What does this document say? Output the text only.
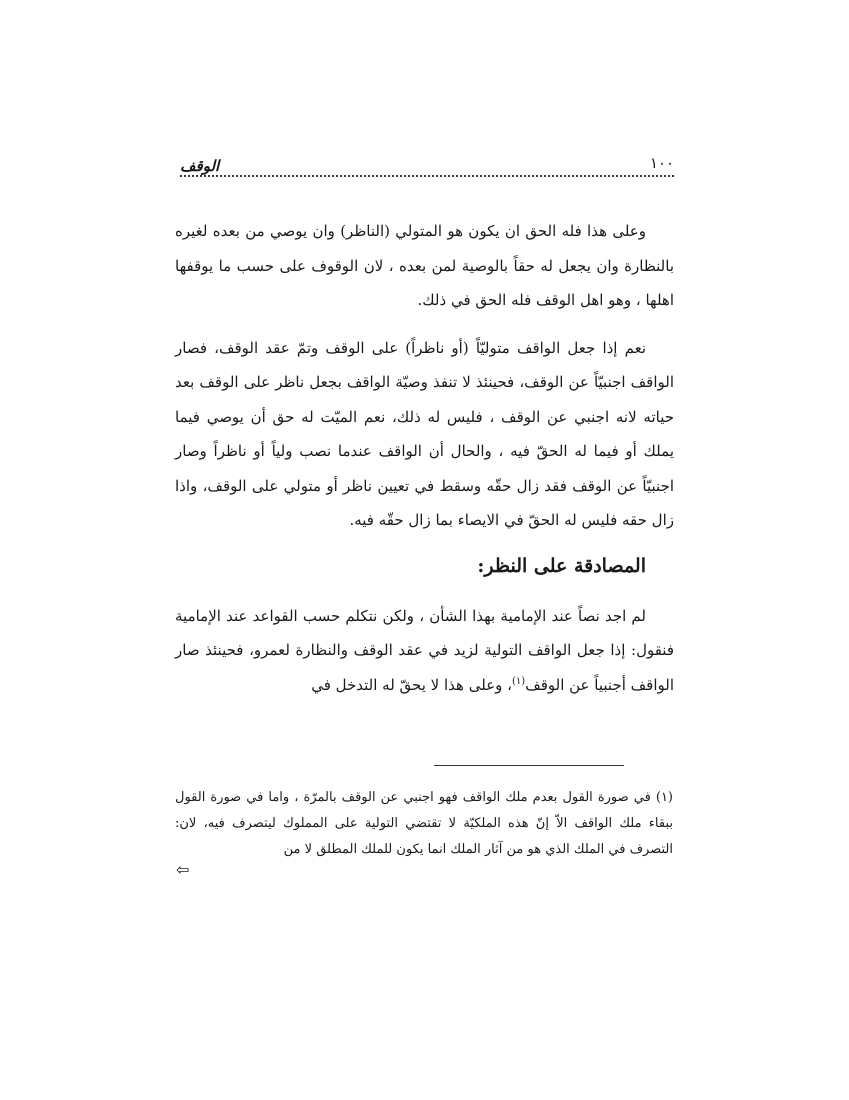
١٠٠
الوقف

وعلى هذا فله الحق ان يكون هو المتولي (الناظر) وان يوصي من بعده لغيره بالنظارة وان يجعل له حقاً بالوصية لمن بعده ، لان الوقوف على حسب ما يوقفها اهلها ، وهو اهل الوقف فله الحق في ذلك.

نعم إذا جعل الواقف متوليّاً (أو ناظراً) على الوقف وتمّ عقد الوقف، فصار الواقف اجنبيّاً عن الوقف، فحينئذ لا تنفذ وصيّة الواقف بجعل ناظر على الوقف بعد حياته لانه اجنبي عن الوقف ، فليس له ذلك، نعم الميّت له حق أن يوصي فيما يملك أو فيما له الحقّ فيه ، والحال أن الواقف عندما نصب ولياً أو ناظراً وصار اجنبيّاً عن الوقف فقد زال حقّه وسقط في تعيين ناظر أو متولي على الوقف، واذا زال حقه فليس له الحقّ في الايصاء بما زال حقّه فيه.

المصادقة على النظر:

لم اجد نصاً عند الإمامية بهذا الشأن ، ولكن نتكلم حسب القواعد عند الإمامية فنقول: إذا جعل الواقف التولية لزيد في عقد الوقف والنظارة لعمرو، فحينئذ صار الواقف أجنبياً عن الوقف$^{(١)}$، وعلى هذا لا يحقّ له التدخل في

(١) في صورة القول بعدم ملك الواقف فهو اجنبي عن الوقف بالمرّة ، واما في صورة القول ببقاء ملك الواقف الاّ إنّ هذه الملكيّة لا تقتضي التولية على المملوك ليتصرف فيه، لان: التصرف في الملك الذي هو من آثار الملك انما يكون للملك المطلق لا من

⇦
